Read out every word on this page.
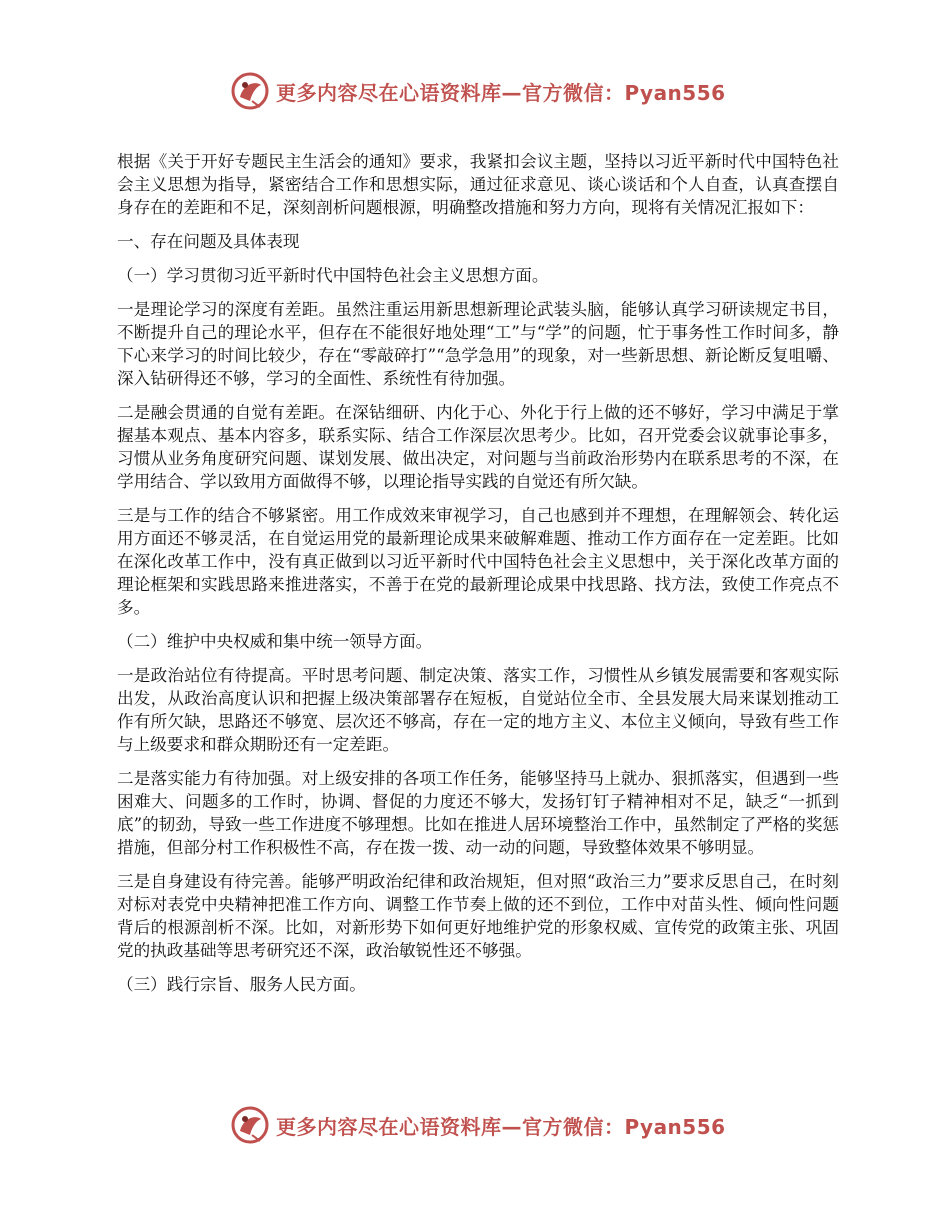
更多内容尽在心语资料库—官方微信：Pyan556

根据《关于开好专题民主生活会的通知》要求，我紧扣会议主题，坚持以习近平新时代中国特色社会主义思想为指导，紧密结合工作和思想实际，通过征求意见、谈心谈话和个人自查，认真查摆自身存在的差距和不足，深刻剖析问题根源，明确整改措施和努力方向，现将有关情况汇报如下：

一、存在问题及具体表现

（一）学习贯彻习近平新时代中国特色社会主义思想方面。

一是理论学习的深度有差距。虽然注重运用新思想新理论武装头脑，能够认真学习研读规定书目，不断提升自己的理论水平，但存在不能很好地处理“工”与“学”的问题，忙于事务性工作时间多，静下心来学习的时间比较少，存在“零敲碎打”“急学急用”的现象，对一些新思想、新论断反复咀嚼、深入钻研得还不够，学习的全面性、系统性有待加强。

二是融会贯通的自觉有差距。在深钻细研、内化于心、外化于行上做的还不够好，学习中满足于掌握基本观点、基本内容多，联系实际、结合工作深层次思考少。比如，召开党委会议就事论事多，习惯从业务角度研究问题、谋划发展、做出决定，对问题与当前政治形势内在联系思考的不深，在学用结合、学以致用方面做得不够，以理论指导实践的自觉还有所欠缺。

三是与工作的结合不够紧密。用工作成效来审视学习，自己也感到并不理想，在理解领会、转化运用方面还不够灵活，在自觉运用党的最新理论成果来破解难题、推动工作方面存在一定差距。比如在深化改革工作中，没有真正做到以习近平新时代中国特色社会主义思想中，关于深化改革方面的理论框架和实践思路来推进落实，不善于在党的最新理论成果中找思路、找方法，致使工作亮点不多。

（二）维护中央权威和集中统一领导方面。

一是政治站位有待提高。平时思考问题、制定决策、落实工作，习惯性从乡镇发展需要和客观实际出发，从政治高度认识和把握上级决策部署存在短板，自觉站位全市、全县发展大局来谋划推动工作有所欠缺，思路还不够宽、层次还不够高，存在一定的地方主义、本位主义倾向，导致有些工作与上级要求和群众期盼还有一定差距。

二是落实能力有待加强。对上级安排的各项工作任务，能够坚持马上就办、狠抓落实，但遇到一些困难大、问题多的工作时，协调、督促的力度还不够大，发扬钉钉子精神相对不足，缺乏“一抓到底”的韧劲，导致一些工作进度不够理想。比如在推进人居环境整治工作中，虽然制定了严格的奖惩措施，但部分村工作积极性不高，存在拨一拨、动一动的问题，导致整体效果不够明显。

三是自身建设有待完善。能够严明政治纪律和政治规矩，但对照“政治三力”要求反思自己，在时刻对标对表党中央精神把准工作方向、调整工作节奏上做的还不到位，工作中对苗头性、倾向性问题背后的根源剖析不深。比如，对新形势下如何更好地维护党的形象权威、宣传党的政策主张、巩固党的执政基础等思考研究还不深，政治敏锐性还不够强。

（三）践行宗旨、服务人民方面。

更多内容尽在心语资料库—官方微信：Pyan556
